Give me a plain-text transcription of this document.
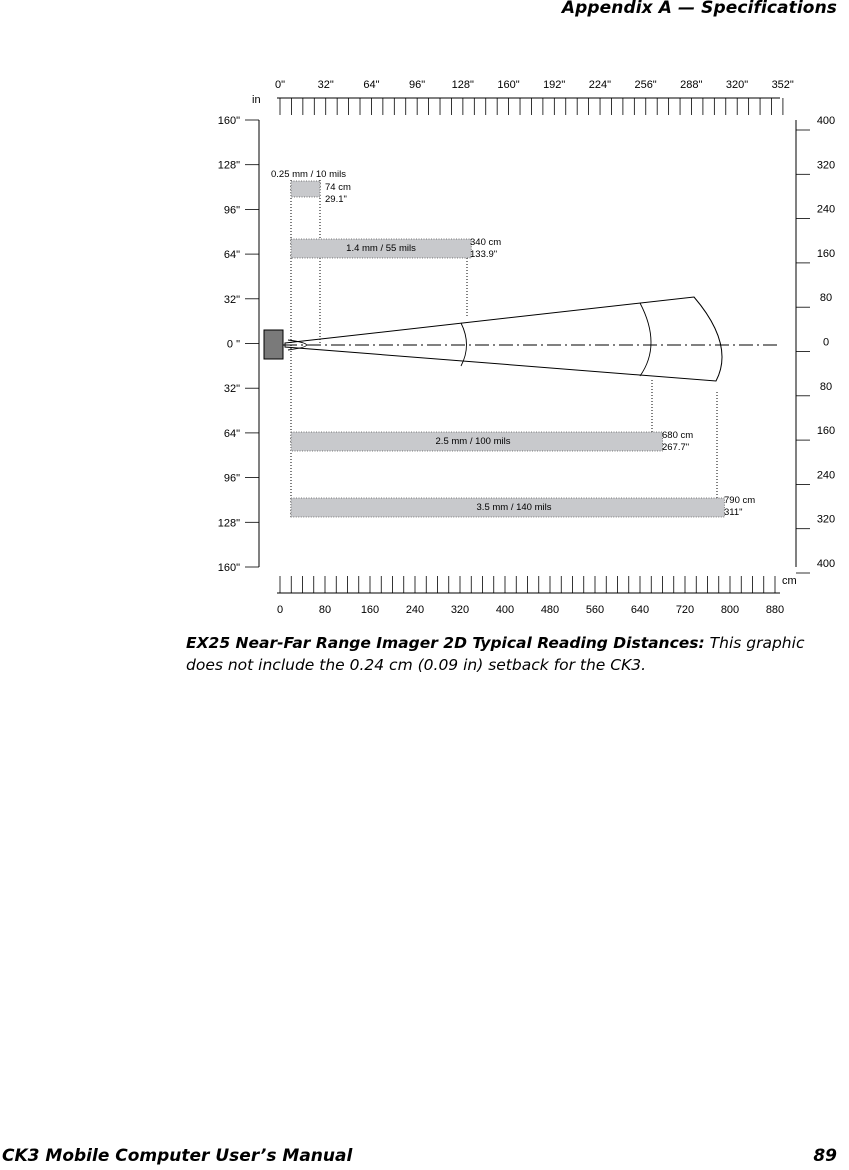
Appendix A — Specifications
0"	32"	64"	96" 128" 160" 192" 224" 256" 288" 320" 352"
in
0	80	160 240 320 400 480 560 640 720 800 880
cm
160"
128"
96"
64"
32"
0 "
32"
64"
96"
128"
160"
400
320
240
160
80
0
80
160
240
320
400
0.25 mm / 10 mils
74 cm
29.1"
1.4 mm / 55 mils
340 cm
133.9"
2.5 mm / 100 mils
680 cm
267.7"
3.5 mm / 140 mils
790 cm
311"
EX25 Near-Far Range Imager 2D Typical Reading Distances: This graphic does not include the 0.24 cm (0.09 in) setback for the CK3.
CK3 Mobile Computer User’s Manual	89
